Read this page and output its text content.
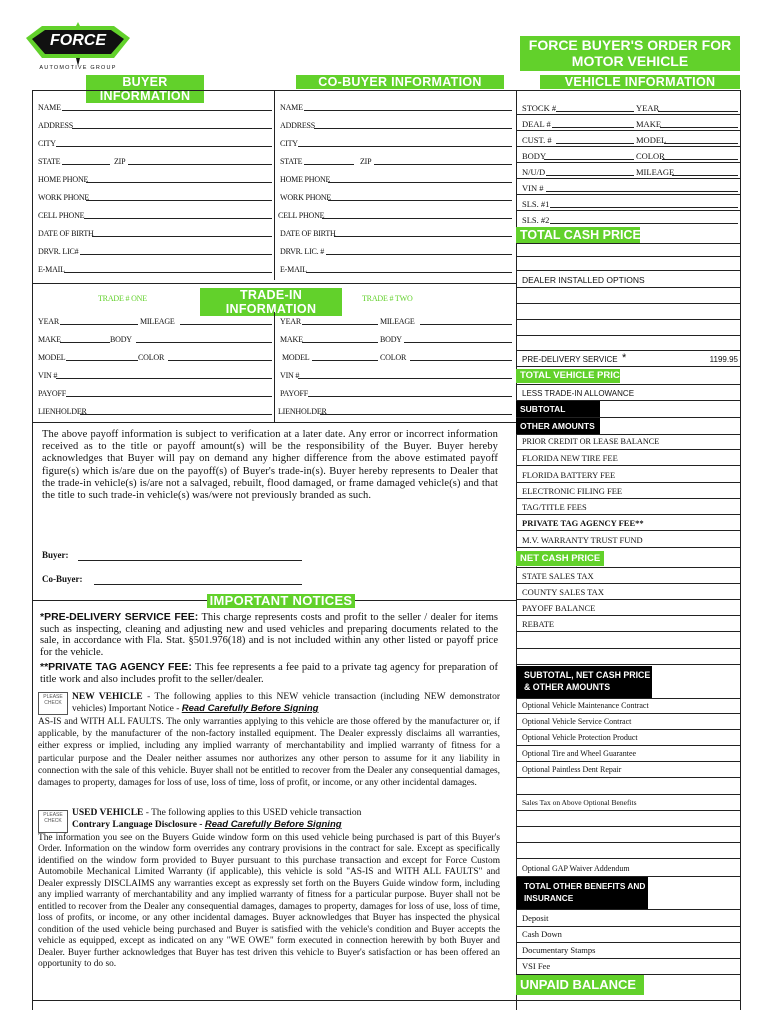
FORCE
AUTOMOTIVE GROUP
FORCE BUYER'S ORDER FOR
MOTOR VEHICLE
BUYER INFORMATION
CO-BUYER INFORMATION	VEHICLE INFORMATION
NAME
ADDRESS
CITY
STATE	ZIP
HOME PHONE
WORK PHONE
CELL PHONE
DATE OF BIRTH
DRVR. LIC#
E-MAIL
NAME
ADDRESS
CITY
STATE	ZIP
HOME PHONE
WORK PHONE
CELL PHONE
DATE OF BIRTH
DRVR. LIC. #
E-MAIL
TRADE # ONE	TRADE-IN INFORMATION
TRADE # TWO
YEAR	MILEAGE
MAKE	BODY
MODEL	COLOR
VIN #
PAYOFF
LIENHOLDER
YEAR	MILEAGE
MAKE	BODY
MODEL	COLOR
VIN #
PAYOFF
LIENHOLDER
The above payoff information is subject to verification at a later date. Any error or incorrect information received as to the title or payoff amount(s) will be the responsibility of the Buyer. Buyer hereby acknowledges that Buyer will pay on demand any higher difference from the above estimated payoff figure(s) which is/are due on the payoff(s) of Buyer's trade-in(s). Buyer hereby represents to Dealer that the trade-in vehicle(s) is/are not a salvaged, rebuilt, flood damaged, or frame damaged vehicle(s) and that the title to such trade-in vehicle(s) was/were not previously branded as such.
Buyer:
Co-Buyer:
IMPORTANT NOTICES
*PRE-DELIVERY SERVICE FEE: This charge represents costs and profit to the seller / dealer for items such as inspecting, cleaning and adjusting new and used vehicles and preparing documents related to the sale, in accordance with Fla. Stat. §501.976(18) and is not included within any other listed or payoff price for the vehicle.
**PRIVATE TAG AGENCY FEE: This fee represents a fee paid to a private tag agency for preparation of title work and also includes profit to the seller/dealer.
PLEASE CHECK
NEW VEHICLE - The following applies to this NEW vehicle transaction (including NEW demonstrator vehicles) Important Notice - Read Carefully Before Signing
AS-IS and WITH ALL FAULTS. The only warranties applying to this vehicle are those offered by the manufacturer or, if applicable, by the manufacturer of the non-factory installed equipment. The Dealer expressly disclaims all warranties, either express or implied, including any implied warranty of merchantability and implied warranty of fitness for a particular purpose and the Dealer neither assumes nor authorizes any other person to assume for it any liability in connection with the sale of this vehicle. Buyer shall not be entitled to recover from the Dealer any consequential damages, damages to property, damages for loss of use, loss of time, loss of profit, or income, or any other incidental damages.
PLEASE CHECK
USED VEHICLE - The following applies to this USED vehicle transaction
Contrary Language Disclosure - Read Carefully Before Signing
The information you see on the Buyers Guide window form on this used vehicle being purchased is part of this Buyer's Order. Information on the window form overrides any contrary provisions in the contract for sale. Except as specifically identified on the window form provided to Buyer pursuant to this purchase transaction and except for Force Custom Automobile Mechanical Limited Warranty (if applicable), this vehicle is sold "AS-IS and WITH ALL FAULTS" and Dealer expressly DISCLAIMS any warranties except as expressly set forth on the Buyers Guide window form, including any implied warranty of merchantability and any implied warranty of fitness for a particular purpose. Buyer shall not be entitled to recover from the Dealer any consequential damages, damages to property, damages for loss of use, loss of time, loss of profits, or income, or any other incidental damages. Buyer acknowledges that Buyer has inspected the physical condition of the used vehicle being purchased and Buyer is satisfied with the vehicle's condition and Buyer accepts the vehicle as equipped, except as indicated on any "WE OWE" form executed in connection herewith by both Buyer and Dealer. Buyer further acknowledges that Buyer has test driven this vehicle to Buyer's satisfaction or has been offered an opportunity to do so.
STOCK #	YEAR
DEAL #	MAKE
CUST. #	MODEL
BODY	COLOR
N/U/D	MILEAGE
VIN #
SLS. #1
SLS. #2
TOTAL CASH PRICE
DEALER INSTALLED OPTIONS
PRE-DELIVERY SERVICE *	1199.95
TOTAL VEHICLE PRICE
LESS TRADE-IN ALLOWANCE
SUBTOTAL
OTHER AMOUNTS
PRIOR CREDIT OR LEASE BALANCE
FLORIDA NEW TIRE FEE
FLORIDA BATTERY FEE
ELECTRONIC FILING FEE
TAG/TITLE FEES
PRIVATE TAG AGENCY FEE**
M.V. WARRANTY TRUST FUND
NET CASH PRICE
STATE SALES TAX
COUNTY SALES TAX
PAYOFF BALANCE
REBATE
SUBTOTAL, NET CASH PRICE & OTHER AMOUNTS
Optional Vehicle Maintenance Contract
Optional Vehicle Service Contract
Optional Vehicle Protection Product
Optional Tire and Wheel Guarantee
Optional Paintless Dent Repair
Sales Tax on Above Optional Benefits
Optional GAP Waiver Addendum
TOTAL OTHER BENEFITS AND INSURANCE
Deposit
Cash Down
Documentary Stamps
VSI Fee
UNPAID BALANCE
